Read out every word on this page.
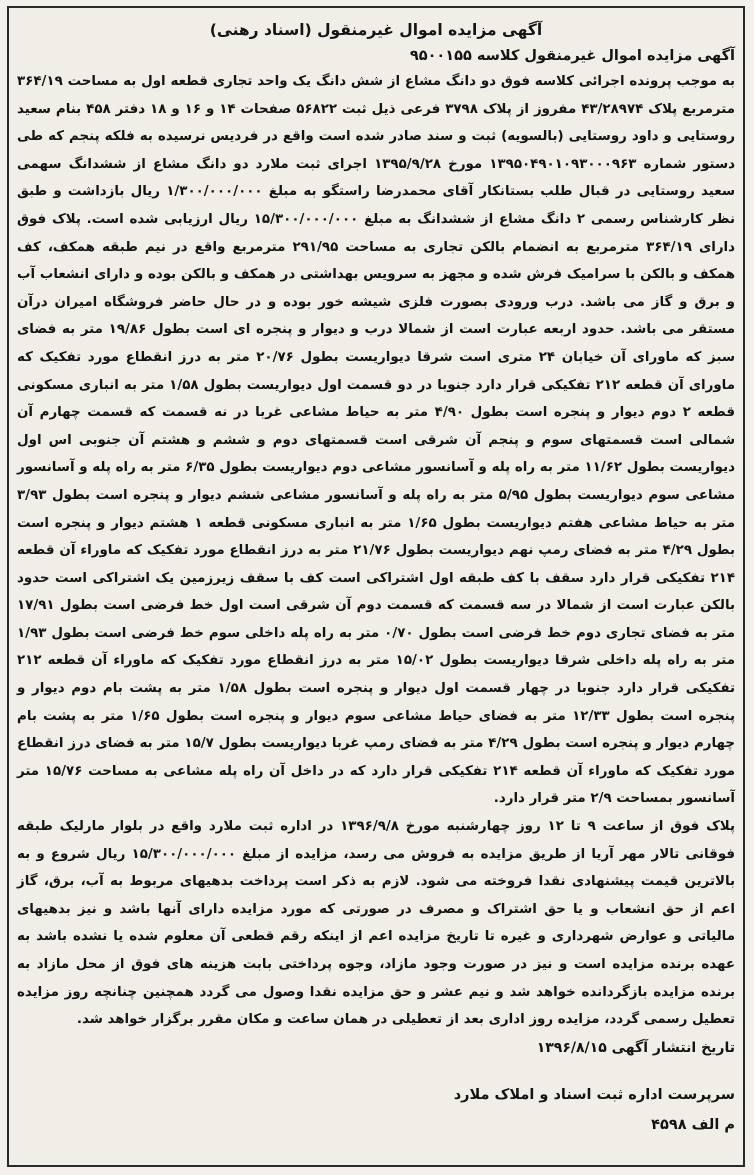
آگهی مزایده اموال غیرمنقول (اسناد رهنی)

آگهی مزایده اموال غیرمنقول کلاسه ۹۵۰۰۱۵۵

به موجب پرونده اجرائی کلاسه فوق دو دانگ مشاع از شش دانگ یک واحد تجاری قطعه اول به مساحت ۳۶۴/۱۹ مترمربع پلاک ۴۳/۲۸۹۷۴ مفروز از پلاک ۳۷۹۸ فرعی ذیل ثبت ۵۶۸۲۲ صفحات ۱۴ و ۱۶ و ۱۸ دفتر ۴۵۸ بنام سعید روستایی و داود روستایی (بالسویه) ثبت و سند صادر شده است واقع در فردیس نرسیده به فلکه پنجم که طی دستور شماره ۱۳۹۵۰۴۹۰۱۰۹۳۰۰۰۹۶۳ مورخ ۱۳۹۵/۹/۲۸ اجرای ثبت ملارد دو دانگ مشاع از ششدانگ سهمی سعید روستایی در قبال طلب بستانکار آقای محمدرضا راستگو به مبلغ ۱/۳۰۰/۰۰۰/۰۰۰ ریال بازداشت و طبق نظر کارشناس رسمی ۲ دانگ مشاع از ششدانگ به مبلغ ۱۵/۳۰۰/۰۰۰/۰۰۰ ریال ارزیابی شده است. پلاک فوق دارای ۳۶۴/۱۹ مترمربع به انضمام بالکن تجاری به مساحت ۲۹۱/۹۵ مترمربع واقع در نیم طبقه همکف، کف همکف و بالکن با سرامیک فرش شده و مجهز به سرویس بهداشتی در همکف و بالکن بوده و دارای انشعاب آب و برق و گاز می باشد. درب ورودی بصورت فلزی شیشه خور بوده و در حال حاضر فروشگاه امیران درآن مستقر می باشد. حدود اربعه عبارت است از شمالا درب و دیوار و پنجره ای است بطول ۱۹/۸۶ متر به فضای سبز که ماورای آن خیابان ۲۴ متری است شرقا دیواریست بطول ۲۰/۷۶ متر به درز انقطاع مورد تفکیک که ماورای آن قطعه ۲۱۲ تفکیکی قرار دارد جنوبا در دو قسمت اول دیواریست بطول ۱/۵۸ متر به انباری مسکونی قطعه ۲ دوم دیوار و پنجره است بطول ۴/۹۰ متر به حیاط مشاعی غربا در نه قسمت که قسمت چهارم آن شمالی است قسمتهای سوم و پنجم آن شرقی است قسمتهای دوم و ششم و هشتم آن جنوبی اس اول دیواریست بطول ۱۱/۶۲ متر به راه پله و آسانسور مشاعی دوم دیواریست بطول ۶/۳۵ متر به راه پله و آسانسور مشاعی سوم دیواریست بطول ۵/۹۵ متر به راه پله و آسانسور مشاعی ششم دیوار و پنجره است بطول ۳/۹۳ متر به حیاط مشاعی هفتم دیواریست بطول ۱/۶۵ متر به انباری مسکونی قطعه ۱ هشتم دیوار و پنجره است بطول ۴/۲۹ متر به فضای رمپ نهم دیواریست بطول ۲۱/۷۶ متر به درز انقطاع مورد تفکیک که ماوراء آن قطعه ۲۱۴ تفکیکی قرار دارد سقف با کف طبقه اول اشتراکی است کف با سقف زیرزمین یک اشتراکی است حدود بالکن عبارت است از شمالا در سه قسمت که قسمت دوم آن شرقی است اول خط فرضی است بطول ۱۷/۹۱ متر به فضای تجاری دوم خط فرضی است بطول ۰/۷۰ متر به راه پله داخلی سوم خط فرضی است بطول ۱/۹۳ متر به راه پله داخلی شرقا دیواریست بطول ۱۵/۰۲ متر به درز انقطاع مورد تفکیک که ماوراء آن قطعه ۲۱۲ تفکیکی قرار دارد جنوبا در چهار قسمت اول دیوار و پنجره است بطول ۱/۵۸ متر به پشت بام دوم دیوار و پنجره است بطول ۱۲/۳۳ متر به فضای حیاط مشاعی سوم دیوار و پنجره است بطول ۱/۶۵ متر به پشت بام چهارم دیوار و پنجره است بطول ۴/۲۹ متر به فضای رمپ غربا دیواریست بطول ۱۵/۷ متر به فضای درز انقطاع مورد تفکیک که ماوراء آن قطعه ۲۱۴ تفکیکی قرار دارد که در داخل آن راه پله مشاعی به مساحت ۱۵/۷۶ متر آسانسور بمساحت ۲/۹ متر قرار دارد.

پلاک فوق از ساعت ۹ تا ۱۲ روز چهارشنبه مورخ ۱۳۹۶/۹/۸ در اداره ثبت ملارد واقع در بلوار مارلیک طبقه فوقانی تالار مهر آریا از طریق مزایده به فروش می رسد، مزایده از مبلغ ۱۵/۳۰۰/۰۰۰/۰۰۰ ریال شروع و به بالاترین قیمت پیشنهادی نقدا فروخته می شود. لازم به ذکر است پرداخت بدهیهای مربوط به آب، برق، گاز اعم از حق انشعاب و یا حق اشتراک و مصرف در صورتی که مورد مزایده دارای آنها باشد و نیز بدهیهای مالیاتی و عوارض شهرداری و غیره تا تاریخ مزایده اعم از اینکه رقم قطعی آن معلوم شده یا نشده باشد به عهده برنده مزایده است و نیز در صورت وجود مازاد، وجوه پرداختی بابت هزینه های فوق از محل مازاد به برنده مزایده بازگردانده خواهد شد و نیم عشر و حق مزایده نقدا وصول می گردد همچنین چنانچه روز مزایده تعطیل رسمی گردد، مزایده روز اداری بعد از تعطیلی در همان ساعت و مکان مقرر برگزار خواهد شد.

تاریخ انتشار آگهی ۱۳۹۶/۸/۱۵

سرپرست اداره ثبت اسناد و املاک ملارد
م الف ۴۵۹۸
